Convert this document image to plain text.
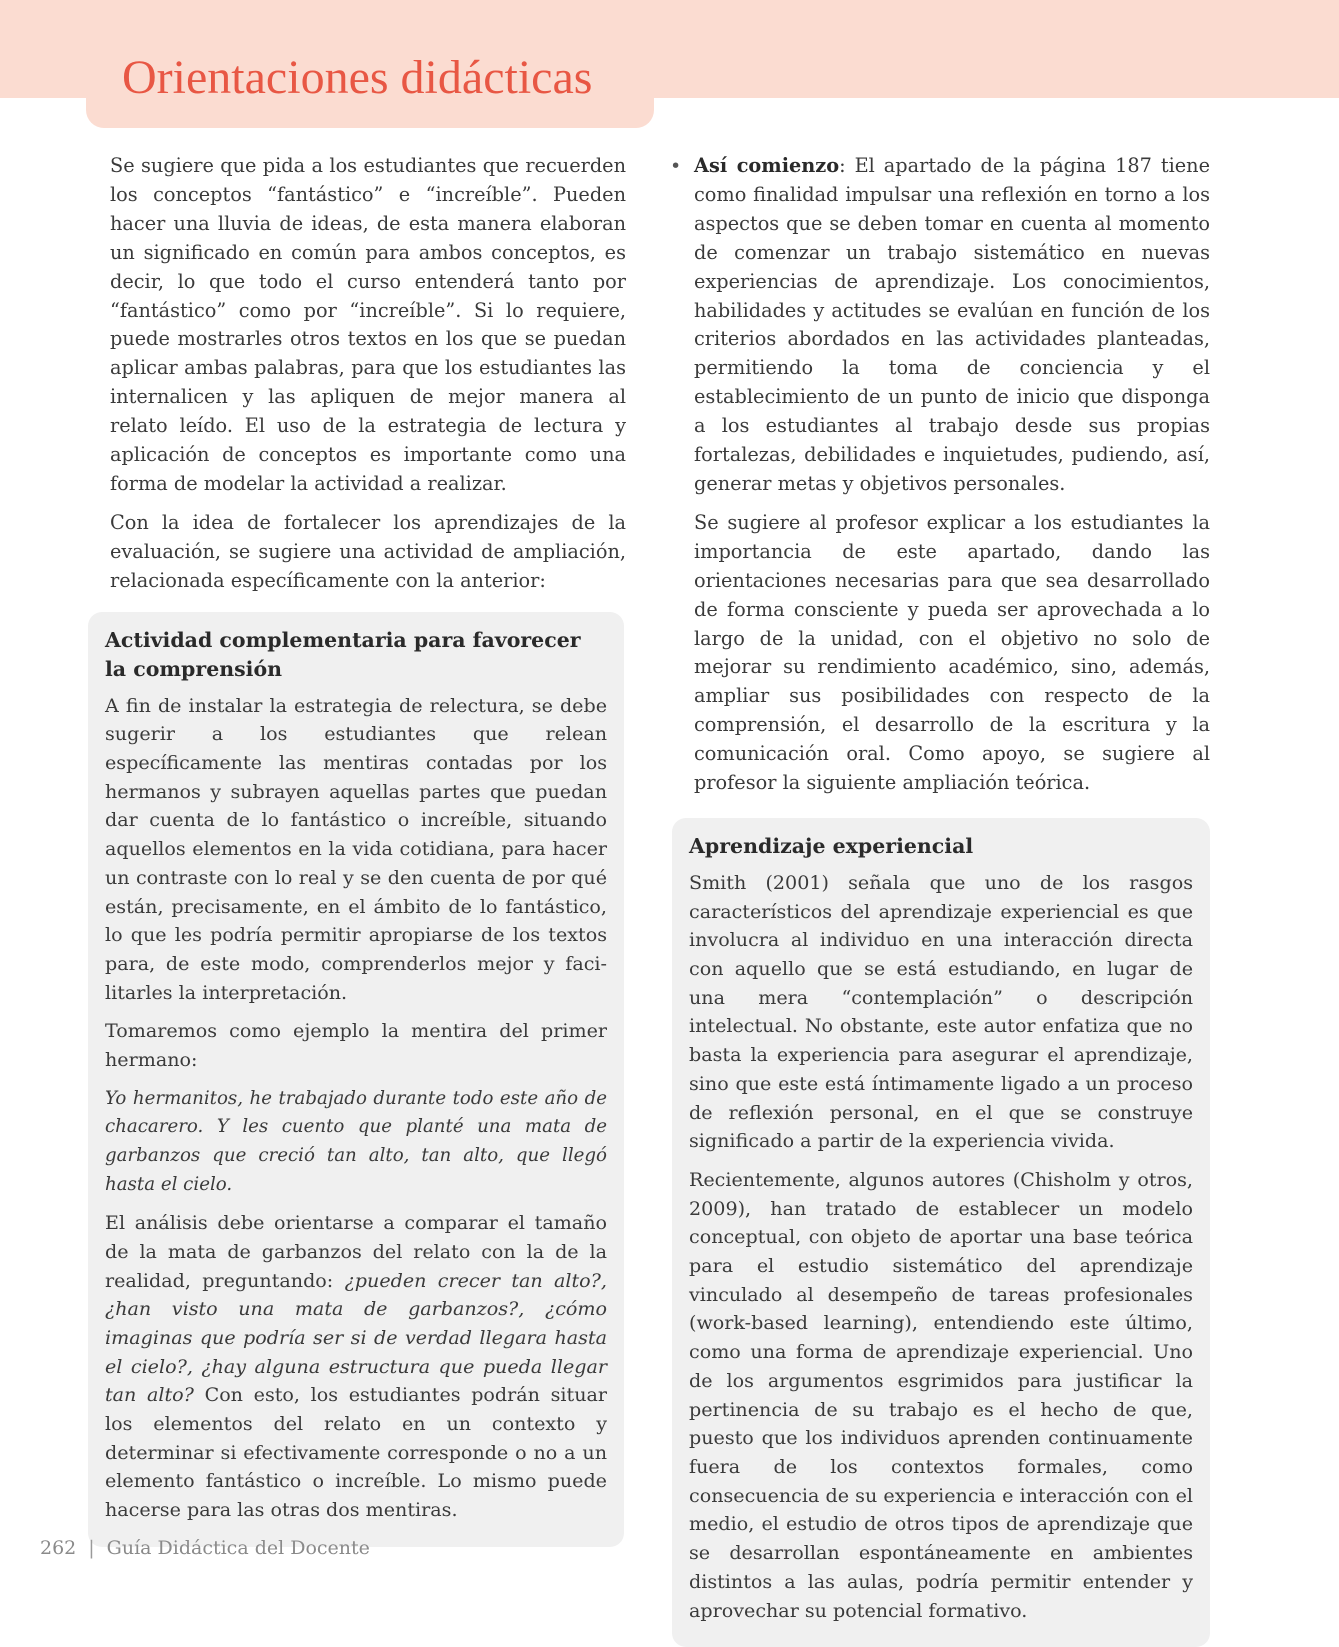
Orientaciones didácticas

Se sugiere que pida a los estudiantes que recuerden los conceptos “fantástico” e “increíble”. Pueden hacer una lluvia de ideas, de esta manera elaboran un significado en común para ambos conceptos, es decir, lo que todo el curso entenderá tanto por “fantástico” como por “increíble”. Si lo requiere, puede mostrarles otros textos en los que se puedan aplicar ambas palabras, para que los estudiantes las internalicen y las apliquen de mejor manera al relato leído. El uso de la estrategia de lectura y aplicación de conceptos es importante como una forma de modelar la actividad a realizar.

Con la idea de fortalecer los aprendizajes de la evaluación, se sugiere una actividad de ampliación, relacionada específicamente con la anterior:

Actividad complementaria para favorecer la comprensión

A fin de instalar la estrategia de relectura, se debe sugerir a los estudiantes que relean específicamente las mentiras contadas por los hermanos y subrayen aquellas partes que puedan dar cuenta de lo fantástico o increíble, situando aquellos elementos en la vida cotidiana, para hacer un contraste con lo real y se den cuenta de por qué están, precisamente, en el ámbito de lo fantástico, lo que les podría permitir apropiarse de los textos para, de este modo, comprenderlos mejor y facilitarles la interpretación.

Tomaremos como ejemplo la mentira del primer hermano:

Yo hermanitos, he trabajado durante todo este año de chacarero. Y les cuento que planté una mata de garbanzos que creció tan alto, tan alto, que llegó hasta el cielo.

El análisis debe orientarse a comparar el tamaño de la mata de garbanzos del relato con la de la realidad, preguntando: ¿pueden crecer tan alto?, ¿han visto una mata de garbanzos?, ¿cómo imaginas que podría ser si de verdad llegara hasta el cielo?, ¿hay alguna estructura que pueda llegar tan alto? Con esto, los estudiantes podrán situar los elementos del relato en un contexto y determinar si efectivamente corresponde o no a un elemento fantástico o increíble. Lo mismo puede hacerse para las otras dos mentiras.

• Así comienzo: El apartado de la página 187 tiene como finalidad impulsar una reflexión en torno a los aspectos que se deben tomar en cuenta al momento de comenzar un trabajo sistemático en nuevas experiencias de aprendizaje. Los conocimientos, habilidades y actitudes se evalúan en función de los criterios abordados en las actividades planteadas, permitiendo la toma de conciencia y el establecimiento de un punto de inicio que disponga a los estudiantes al trabajo desde sus propias fortalezas, debilidades e inquietudes, pudiendo, así, generar metas y objetivos personales.

Se sugiere al profesor explicar a los estudiantes la importancia de este apartado, dando las orientaciones necesarias para que sea desarrollado de forma consciente y pueda ser aprovechada a lo largo de la unidad, con el objetivo no solo de mejorar su rendimiento académico, sino, además, ampliar sus posibilidades con respecto de la comprensión, el desarrollo de la escritura y la comunicación oral. Como apoyo, se sugiere al profesor la siguiente ampliación teórica.

Aprendizaje experiencial

Smith (2001) señala que uno de los rasgos característicos del aprendizaje experiencial es que involucra al individuo en una interacción directa con aquello que se está estudiando, en lugar de una mera “contemplación” o descripción intelectual. No obstante, este autor enfatiza que no basta la experiencia para asegurar el aprendizaje, sino que este está íntimamente ligado a un proceso de reflexión personal, en el que se construye significado a partir de la experiencia vivida.

Recientemente, algunos autores (Chisholm y otros, 2009), han tratado de establecer un modelo conceptual, con objeto de aportar una base teórica para el estudio sistemático del aprendizaje vinculado al desempeño de tareas profesionales (work-based learning), entendiendo este último, como una forma de aprendizaje experiencial. Uno de los argumentos esgrimidos para justificar la pertinencia de su trabajo es el hecho de que, puesto que los individuos aprenden continuamente fuera de los contextos formales, como consecuencia de su experiencia e interacción con el medio, el estudio de otros tipos de aprendizaje que se desarrollan espontáneamente en ambientes distintos a las aulas, podría permitir entender y aprovechar su potencial formativo.

262 | Guía Didáctica del Docente
